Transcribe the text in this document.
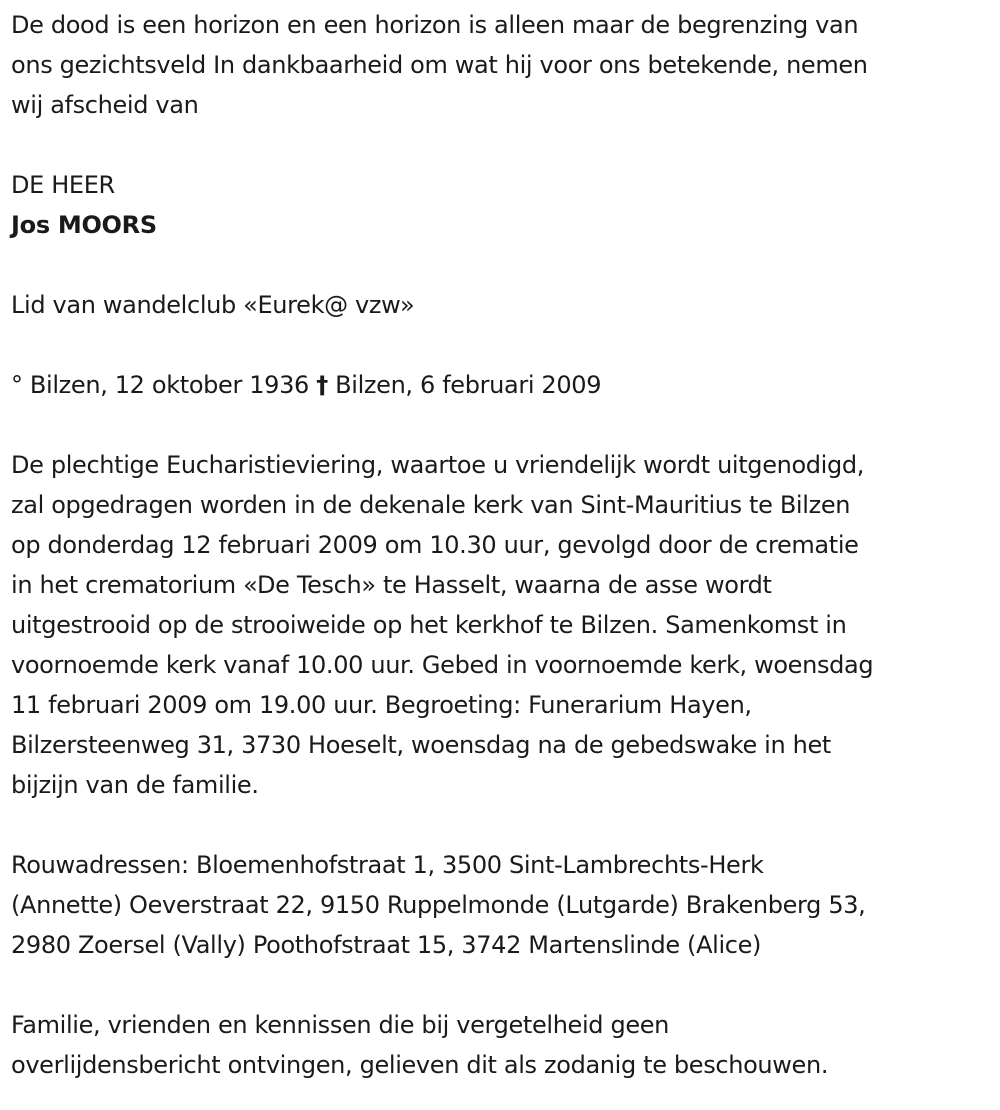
De dood is een horizon en een horizon is alleen maar de begrenzing van
ons gezichtsveld In dankbaarheid om wat hij voor ons betekende, nemen
wij afscheid van

DE HEER

Jos MOORS

Lid van wandelclub «Eurek@ vzw»

° Bilzen, 12 oktober 1936 † Bilzen, 6 februari 2009

De plechtige Eucharistieviering, waartoe u vriendelijk wordt uitgenodigd,
zal opgedragen worden in de dekenale kerk van Sint-Mauritius te Bilzen
op donderdag 12 februari 2009 om 10.30 uur, gevolgd door de crematie
in het crematorium «De Tesch» te Hasselt, waarna de asse wordt
uitgestrooid op de strooiweide op het kerkhof te Bilzen. Samenkomst in
voornoemde kerk vanaf 10.00 uur. Gebed in voornoemde kerk, woensdag
11 februari 2009 om 19.00 uur. Begroeting: Funerarium Hayen,
Bilzersteenweg 31, 3730 Hoeselt, woensdag na de gebedswake in het
bijzijn van de familie.

Rouwadressen: Bloemenhofstraat 1, 3500 Sint-Lambrechts-Herk
(Annette) Oeverstraat 22, 9150 Ruppelmonde (Lutgarde) Brakenberg 53,
2980 Zoersel (Vally) Poothofstraat 15, 3742 Martenslinde (Alice)

Familie, vrienden en kennissen die bij vergetelheid geen
overlijdensbericht ontvingen, gelieven dit als zodanig te beschouwen.
